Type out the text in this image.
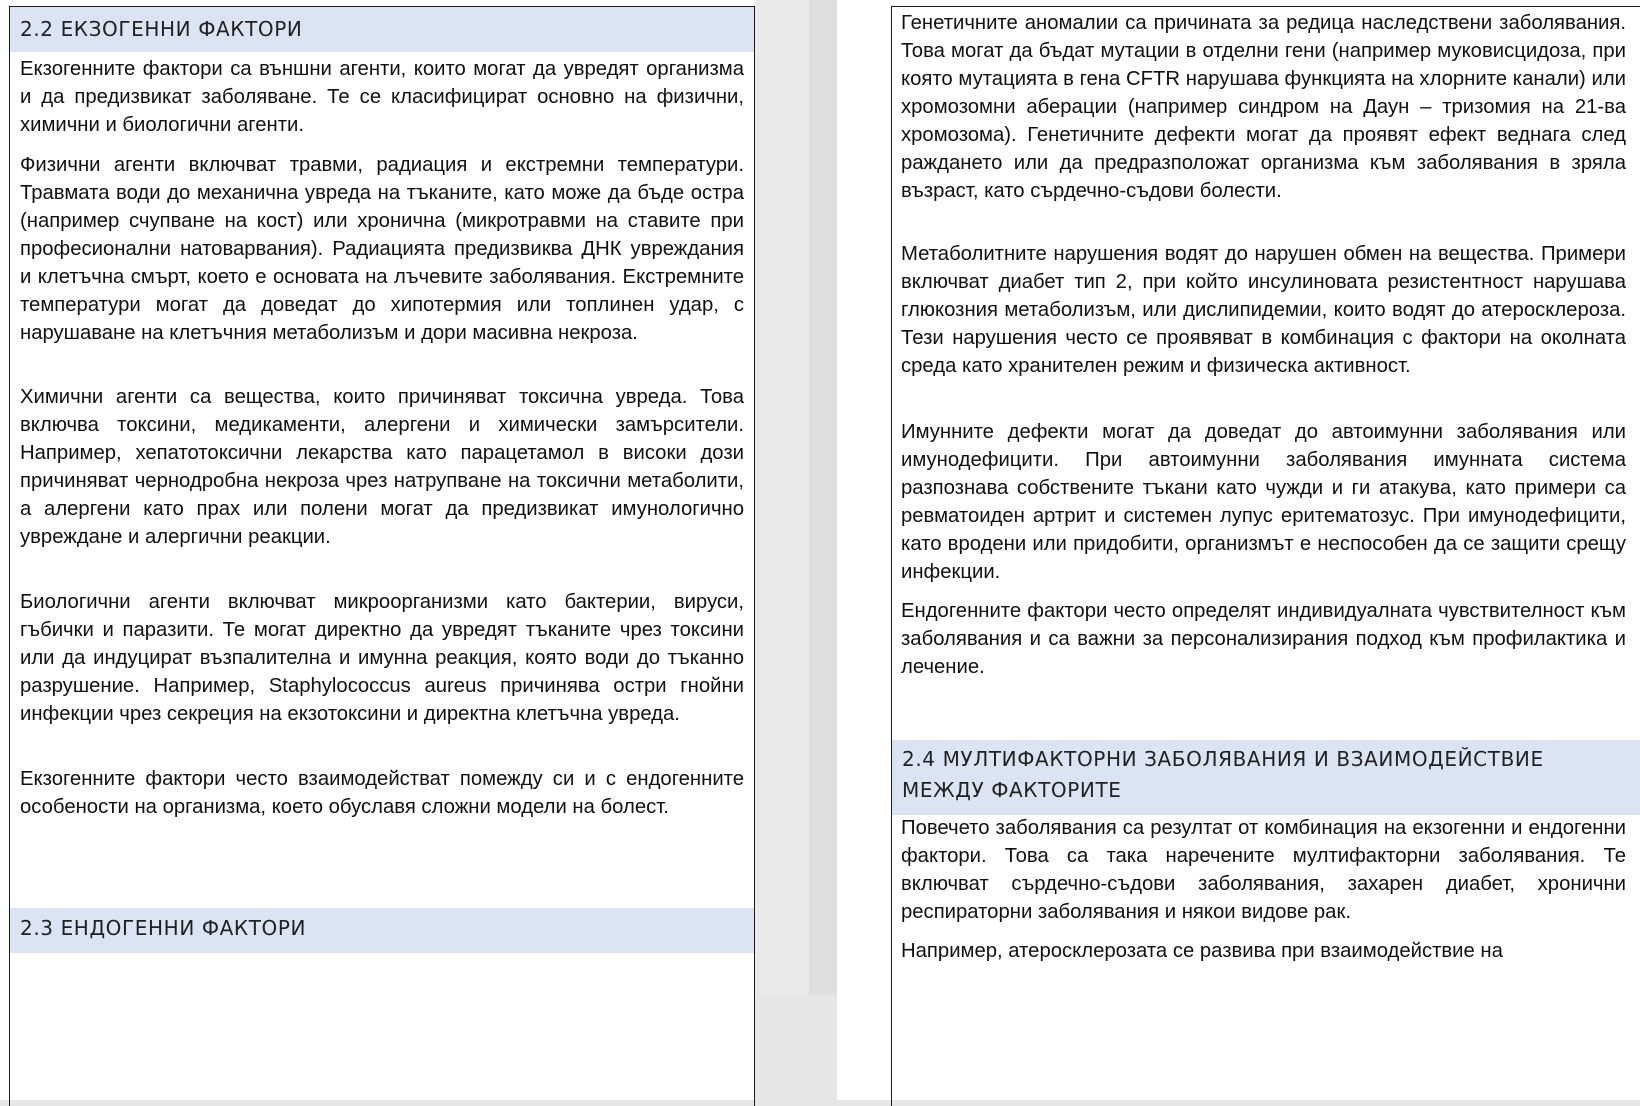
2.2 ЕКЗОГЕННИ ФАКТОРИ

Екзогенните фактори са външни агенти, които могат да увредят организма и да предизвикат заболяване. Те се класифицират основно на физични, химични и биологични агенти.

Физични агенти включват травми, радиация и екстремни температури. Травмата води до механична увреда на тъканите, като може да бъде остра (например счупване на кост) или хронична (микротравми на ставите при професионални натоварвания). Радиацията предизвиква ДНК увреждания и клетъчна смърт, което е основата на лъчевите заболявания. Екстремните температури могат да доведат до хипотермия или топлинен удар, с нарушаване на клетъчния метаболизъм и дори масивна некроза.

Химични агенти са вещества, които причиняват токсична увреда. Това включва токсини, медикаменти, алергени и химически замърсители. Например, хепатотоксични лекарства като парацетамол в високи дози причиняват чернодробна некроза чрез натрупване на токсични метаболити, а алергени като прах или полени могат да предизвикат имунологично увреждане и алергични реакции.

Биологични агенти включват микроорганизми като бактерии, вируси, гъбички и паразити. Те могат директно да увредят тъканите чрез токсини или да индуцират възпалителна и имунна реакция, която води до тъканно разрушение. Например, Staphylococcus aureus причинява остри гнойни инфекции чрез секреция на екзотоксини и директна клетъчна увреда.

Екзогенните фактори често взаимодействат помежду си и с ендогенните особености на организма, което обуславя сложни модели на болест.

2.3 ЕНДОГЕННИ ФАКТОРИ

Генетичните аномалии са причината за редица наследствени заболявания. Това могат да бъдат мутации в отделни гени (например муковисцидоза, при която мутацията в гена CFTR нарушава функцията на хлорните канали) или хромозомни аберации (например синдром на Даун – тризомия на 21-ва хромозома). Генетичните дефекти могат да проявят ефект веднага след раждането или да предразположат организма към заболявания в зряла възраст, като сърдечно-съдови болести.

Метаболитните нарушения водят до нарушен обмен на вещества. Примери включват диабет тип 2, при който инсулиновата резистентност нарушава глюкозния метаболизъм, или дислипидемии, които водят до атеросклероза. Тези нарушения често се проявяват в комбинация с фактори на околната среда като хранителен режим и физическа активност.

Имунните дефекти могат да доведат до автоимунни заболявания или имунодефицити. При автоимунни заболявания имунната система разпознава собствените тъкани като чужди и ги атакува, като примери са ревматоиден артрит и системен лупус еритематозус. При имунодефицити, като вродени или придобити, организмът е неспособен да се защити срещу инфекции.

Ендогенните фактори често определят индивидуалната чувствителност към заболявания и са важни за персонализирания подход към профилактика и лечение.

2.4 МУЛТИФАКТОРНИ ЗАБОЛЯВАНИЯ И ВЗАИМОДЕЙСТВИЕ
МЕЖДУ ФАКТОРИТЕ

Повечето заболявания са резултат от комбинация на екзогенни и ендогенни фактори. Това са така наречените мултифакторни заболявания. Те включват сърдечно-съдови заболявания, захарен диабет, хронични респираторни заболявания и някои видове рак.

Например, атеросклерозата се развива при взаимодействие на
